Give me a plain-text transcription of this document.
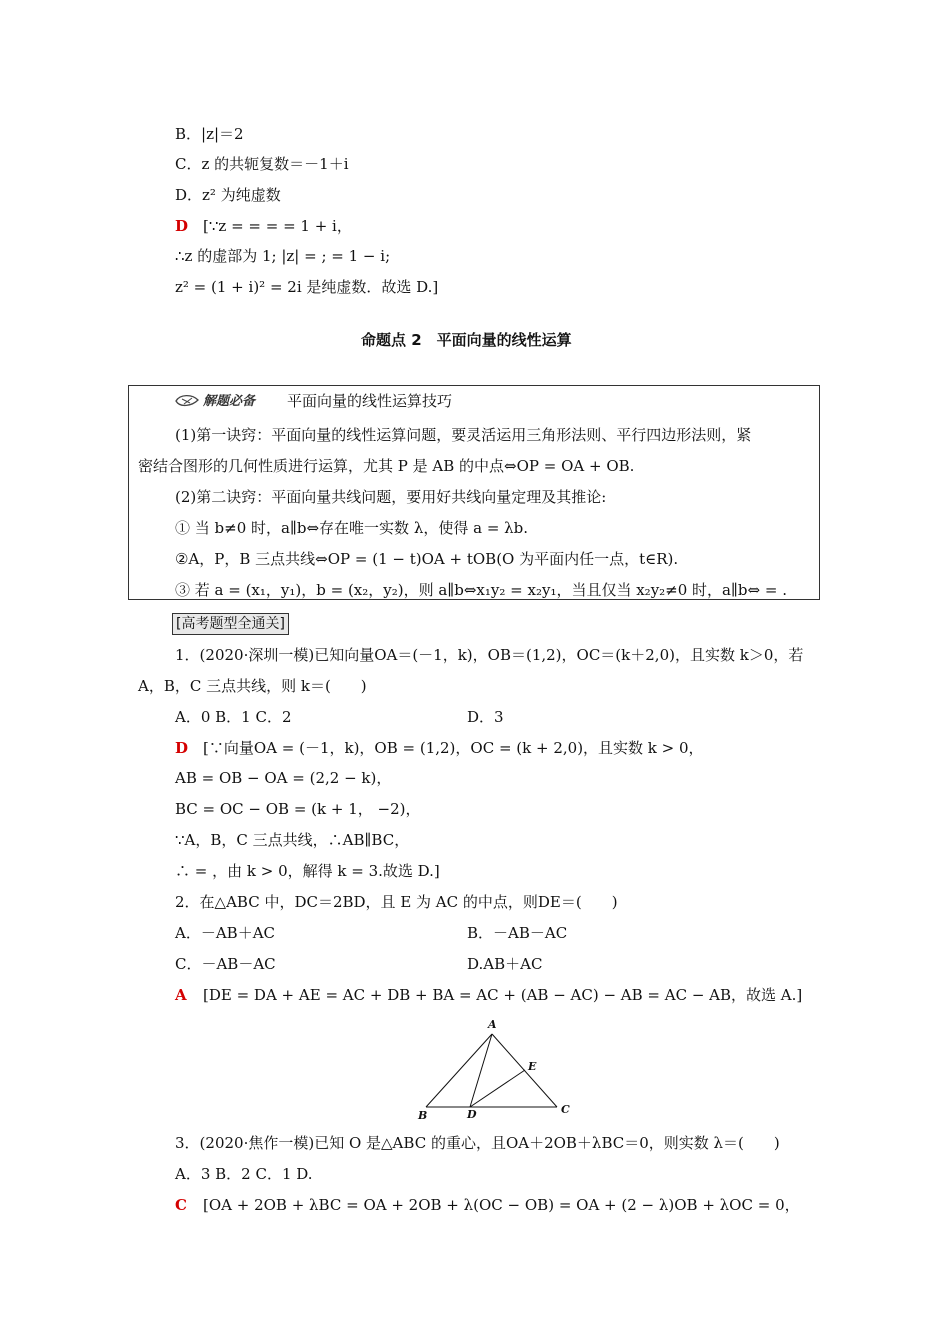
B．|z|＝2
C．z 的共轭复数＝－1＋i
D．z² 为纯虚数
D [∵z = = = = 1 + i，
∴z 的虚部为 1; |z| = ; = 1 − i;
z² = (1 + i)² = 2i 是纯虚数．故选 D.]
命题点 2　平面向量的线性运算
解题必备 平面向量的线性运算技巧
(1)第一诀窍：平面向量的线性运算问题，要灵活运用三角形法则、平行四边形法则，紧
密结合图形的几何性质进行运算，尤其 P 是 AB 的中点⇔OP = OA + OB.
(2)第二诀窍：平面向量共线问题，要用好共线向量定理及其推论:
① 当 b≠0 时，a∥b⇔存在唯一实数 λ，使得 a = λb.
②A，P，B 三点共线⇔OP = (1 − t)OA + tOB(O 为平面内任一点，t∈R).
③ 若 a = (x₁，y₁)，b = (x₂，y₂)，则 a∥b⇔x₁y₂ = x₂y₁，当且仅当 x₂y₂≠0 时，a∥b⇔ = .
[高考题型全通关]
1．(2020·深圳一模)已知向量OA＝(－1，k)，OB＝(1,2)，OC＝(k＋2,0)，且实数 k＞0，若
A，B，C 三点共线，则 k＝(　　)
A．0 B．1 C．2	D．3
D [∵向量OA = (－1，k)，OB = (1,2)，OC = (k + 2,0)，且实数 k > 0，
AB = OB − OA = (2,2 − k)，
BC = OC − OB = (k + 1， −2)，
∵A，B，C 三点共线，∴AB∥BC，
∴ = ，由 k > 0，解得 k = 3.故选 D.]
2．在△ABC 中，DC＝2BD，且 E 为 AC 的中点，则DE＝(　　)
A．－AB＋AC	B．－AB－AC
C．－AB－AC	D.AB＋AC
A [DE = DA + AE = AC + DB + BA = AC + (AB − AC) − AB = AC − AB，故选 A.]
A
B	C
D
E
3．(2020·焦作一模)已知 O 是△ABC 的重心，且OA＋2OB＋λBC＝0，则实数 λ＝(　　)
A．3 B．2 C．1 D.
C [OA + 2OB + λBC = OA + 2OB + λ(OC − OB) = OA + (2 − λ)OB + λOC = 0，
